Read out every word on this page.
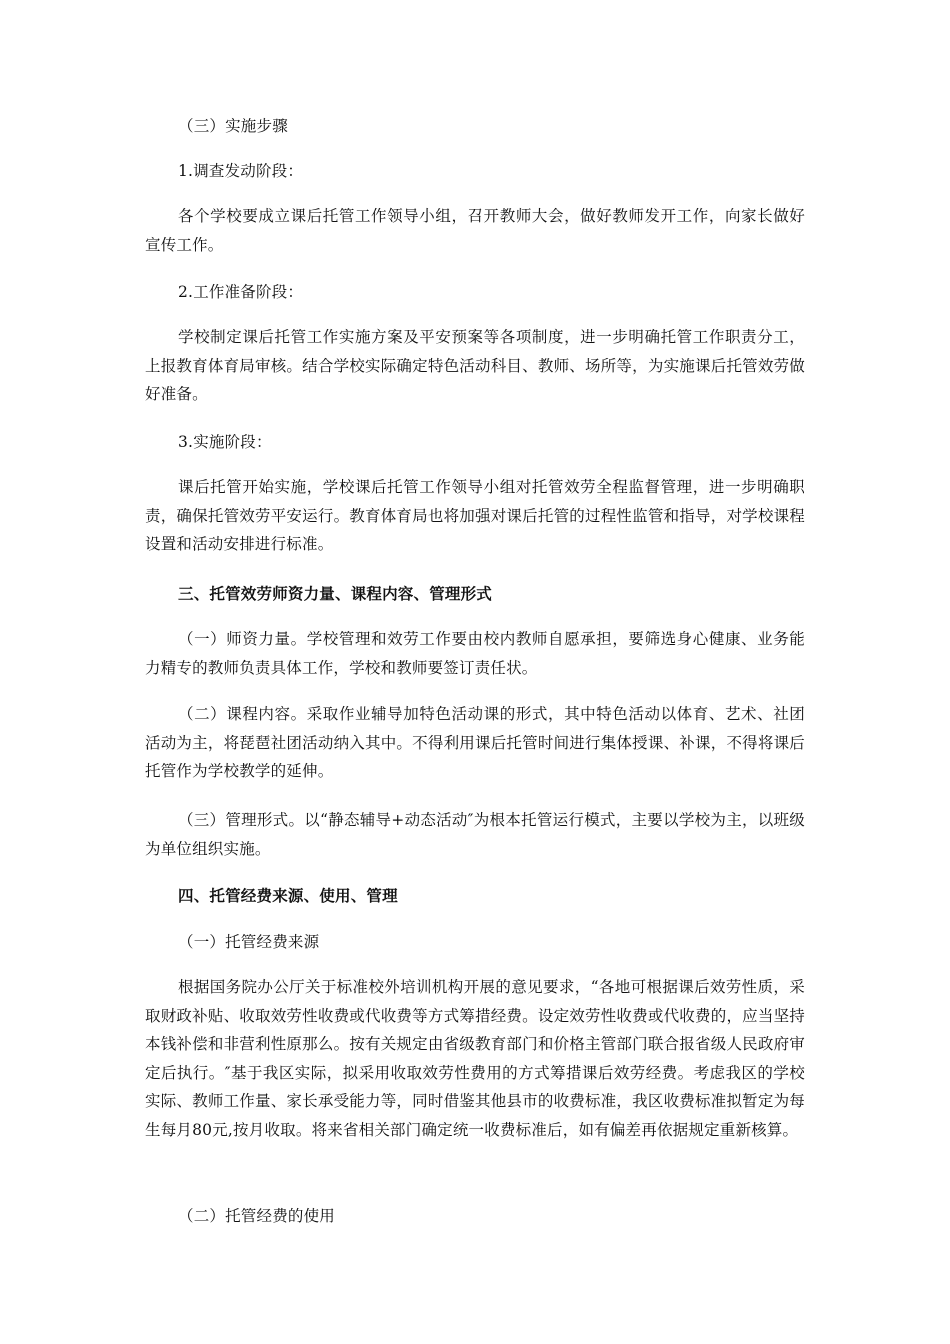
（三）实施步骤

1.调查发动阶段：

各个学校要成立课后托管工作领导小组，召开教师大会，做好教师发开工作，向家长做好宣传工作。

2.工作准备阶段：

学校制定课后托管工作实施方案及平安预案等各项制度，进一步明确托管工作职责分工，上报教育体育局审核。结合学校实际确定特色活动科目、教师、场所等，为实施课后托管效劳做好准备。

3.实施阶段：

课后托管开始实施，学校课后托管工作领导小组对托管效劳全程监督管理，进一步明确职责，确保托管效劳平安运行。教育体育局也将加强对课后托管的过程性监管和指导，对学校课程设置和活动安排进行标准。

三、托管效劳师资力量、课程内容、管理形式

（一）师资力量。学校管理和效劳工作要由校内教师自愿承担，要筛选身心健康、业务能力精专的教师负责具体工作，学校和教师要签订责任状。

（二）课程内容。采取作业辅导加特色活动课的形式，其中特色活动以体育、艺术、社团活动为主，将琵琶社团活动纳入其中。不得利用课后托管时间进行集体授课、补课，不得将课后托管作为学校教学的延伸。

（三）管理形式。以“静态辅导+动态活动″为根本托管运行模式，主要以学校为主，以班级为单位组织实施。

四、托管经费来源、使用、管理

（一）托管经费来源

根据国务院办公厅关于标准校外培训机构开展的意见要求，“各地可根据课后效劳性质，采取财政补贴、收取效劳性收费或代收费等方式筹措经费。设定效劳性收费或代收费的，应当坚持本钱补偿和非营利性原那么。按有关规定由省级教育部门和价格主管部门联合报省级人民政府审定后执行。″基于我区实际，拟采用收取效劳性费用的方式筹措课后效劳经费。考虑我区的学校实际、教师工作量、家长承受能力等，同时借鉴其他县市的收费标准，我区收费标准拟暂定为每生每月80元,按月收取。将来省相关部门确定统一收费标准后，如有偏差再依据规定重新核算。

（二）托管经费的使用
